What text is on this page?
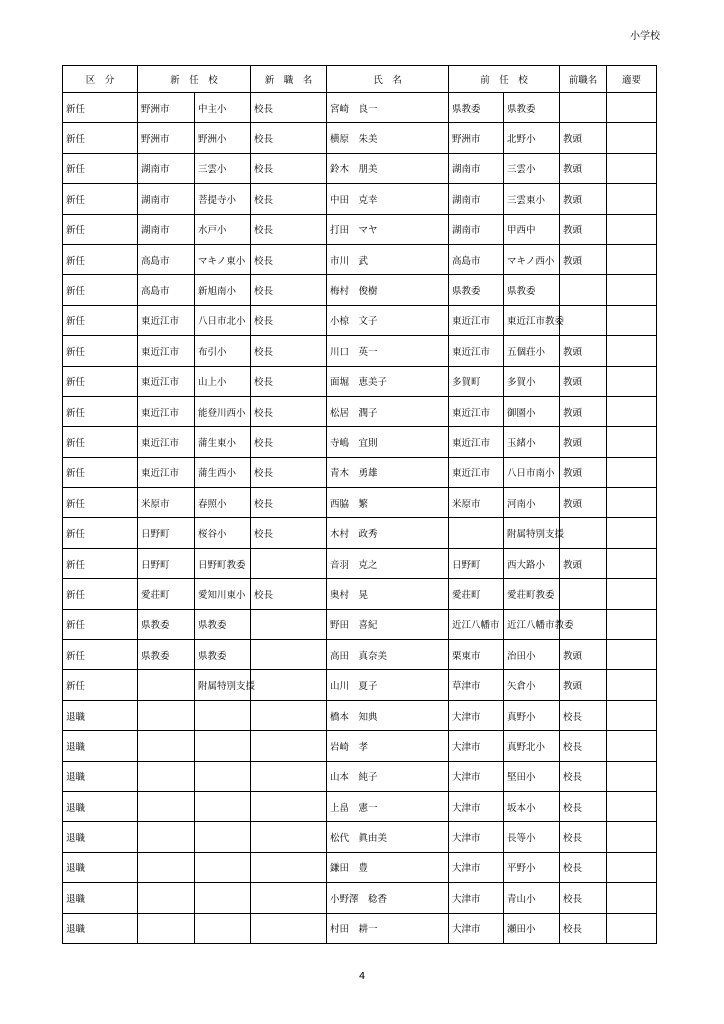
小学校
区　分	新　任　校		新　職　名	氏　名	前　任　校		前職名	適要
新任	野洲市	中主小	校長	宮崎　良一	県教委	県教委		
新任	野洲市	野洲小	校長	横原　朱美	野洲市	北野小	教頭	
新任	湖南市	三雲小	校長	鈴木　朋美	湖南市	三雲小	教頭	
新任	湖南市	菩提寺小	校長	中田　克幸	湖南市	三雲東小	教頭	
新任	湖南市	水戸小	校長	打田　マヤ	湖南市	甲西中	教頭	
新任	高島市	マキノ東小	校長	市川　武	高島市	マキノ西小	教頭	
新任	高島市	新旭南小	校長	梅村　俊樹	県教委	県教委		
新任	東近江市	八日市北小	校長	小椋　文子	東近江市	東近江市教委		
新任	東近江市	布引小	校長	川口　英一	東近江市	五個荘小	教頭	
新任	東近江市	山上小	校長	面堀　恵美子	多賀町	多賀小	教頭	
新任	東近江市	能登川西小	校長	松居　潤子	東近江市	御園小	教頭	
新任	東近江市	蒲生東小	校長	寺嶋　宜則	東近江市	玉緒小	教頭	
新任	東近江市	蒲生西小	校長	青木　勇雄	東近江市	八日市南小	教頭	
新任	米原市	春照小	校長	西脇　繁	米原市	河南小	教頭	
新任	日野町	桜谷小	校長	木村　政秀		附属特別支援		
新任	日野町	日野町教委		音羽　克之	日野町	西大路小	教頭	
新任	愛荘町	愛知川東小	校長	奥村　晃	愛荘町	愛荘町教委		
新任	県教委	県教委		野田　喜紀	近江八幡市	近江八幡市教委		
新任	県教委	県教委		高田　真奈美	栗東市	治田小	教頭	
新任		附属特別支援		山川　夏子	草津市	矢倉小	教頭	
退職				橋本　知典	大津市	真野小	校長	
退職				岩崎　孝	大津市	真野北小	校長	
退職				山本　純子	大津市	堅田小	校長	
退職				上畠　憲一	大津市	坂本小	校長	
退職				松代　眞由美	大津市	長等小	校長	
退職				鎌田　豊	大津市	平野小	校長	
退職				小野澤　稔香	大津市	青山小	校長	
退職				村田　耕一	大津市	瀬田小	校長	
4
